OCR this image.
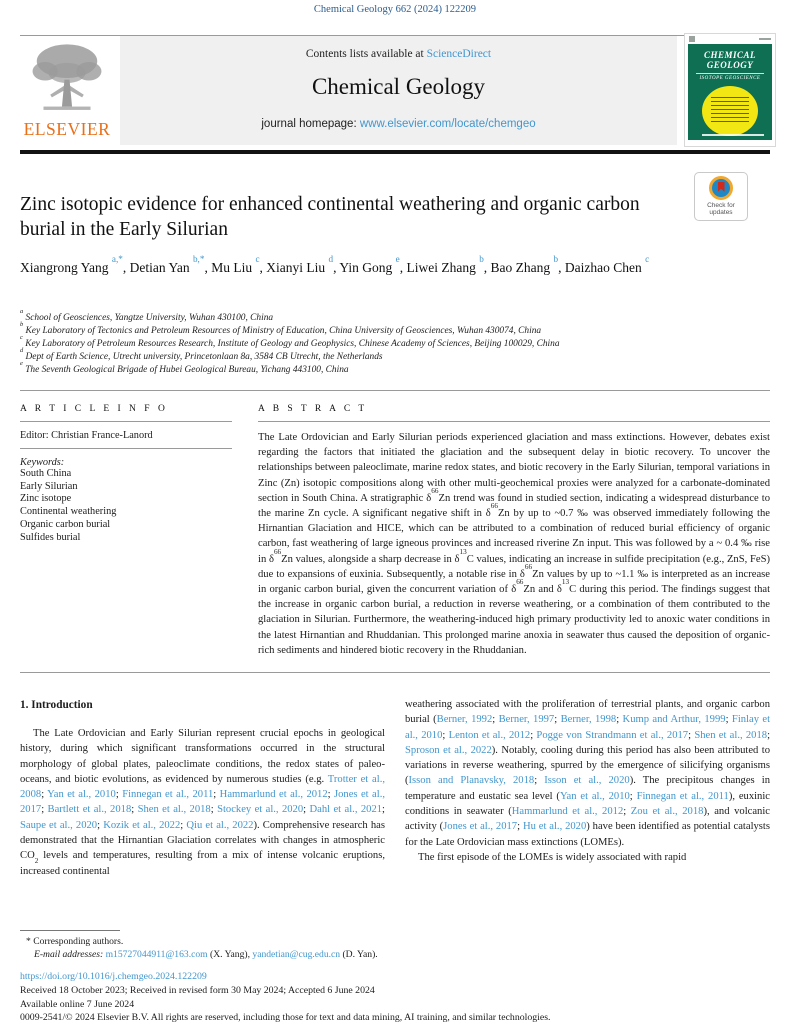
Chemical Geology 662 (2024) 122209
ELSEVIER
Contents lists available at ScienceDirect
Chemical Geology
journal homepage: www.elsevier.com/locate/chemgeo
CHEMICAL
GEOLOGY
ISOTOPE GEOSCIENCE
Zinc isotopic evidence for enhanced continental weathering and organic carbon burial in the Early Silurian
Check for
updates
Xiangrong Yang $^{a,*}$, Detian Yan $^{b,*}$, Mu Liu $^c$, Xianyi Liu $^d$, Yin Gong $^e$, Liwei Zhang $^b$, Bao Zhang $^b$, Daizhao Chen $^c$
$^a$ School of Geosciences, Yangtze University, Wuhan 430100, China
$^b$ Key Laboratory of Tectonics and Petroleum Resources of Ministry of Education, China University of Geosciences, Wuhan 430074, China
$^c$ Key Laboratory of Petroleum Resources Research, Institute of Geology and Geophysics, Chinese Academy of Sciences, Beijing 100029, China
$^d$ Dept of Earth Science, Utrecht university, Princetonlaan 8a, 3584 CB Utrecht, the Netherlands
$^e$ The Seventh Geological Brigade of Hubei Geological Bureau, Yichang 443100, China
A R T I C L E I N F O
Editor: Christian France-Lanord
Keywords:
South China
Early Silurian
Zinc isotope
Continental weathering
Organic carbon burial
Sulfides burial
A B S T R A C T
The Late Ordovician and Early Silurian periods experienced glaciation and mass extinctions. However, debates exist regarding the factors that initiated the glaciation and the subsequent delay in biotic recovery. To uncover the relationships between paleoclimate, marine redox states, and biotic recovery in the Early Silurian, temporal variations in Zinc (Zn) isotopic compositions along with other multi-geochemical proxies were analyzed for a carbonate-dominated section in South China. A stratigraphic $\delta^{66}Zn$ trend was found in studied section, indicating a widespread disturbance to the marine Zn cycle. A significant negative shift in $\delta^{66}Zn$ by up to ~0.7 ‰ was observed immediately following the Hirnantian Glaciation and HICE, which can be attributed to a combination of reduced burial efficiency of organic carbon, fast weathering of large igneous provinces and increased riverine Zn input. This was followed by a ~ 0.4 ‰ rise in $\delta^{66}Zn$ values, alongside a sharp decrease in $\delta^{13}C$ values, indicating an increase in sulfide precipitation (e.g., ZnS, FeS) due to expansions of euxinia. Subsequently, a notable rise in $\delta^{66}Zn$ values by up to ~1.1 ‰ is interpreted as an increase in organic carbon burial, given the concurrent variation of $\delta^{66}Zn$ and $\delta^{13}C$ during this period. The findings suggest that the increase in organic carbon burial, a reduction in reverse weathering, or a combination of them contributed to the glaciation in Silurian. Furthermore, the weathering-induced high primary productivity led to anoxic water conditions in the latest Hirnantian and Rhuddanian. This prolonged marine anoxia in seawater thus caused the deposition of organic-rich sediments and hindered biotic recovery in the Rhuddanian.
1. Introduction
The Late Ordovician and Early Silurian represent crucial epochs in geological history, during which significant transformations occurred in the structural morphology of global plates, paleoclimate conditions, the redox states of paleo-oceans, and biotic evolutions, as evidenced by numerous studies (e.g. Trotter et al., 2008; Yan et al., 2010; Finnegan et al., 2011; Hammarlund et al., 2012; Jones et al., 2017; Bartlett et al., 2018; Shen et al., 2018; Stockey et al., 2020; Dahl et al., 2021; Saupe et al., 2020; Kozik et al., 2022; Qiu et al., 2022). Comprehensive research has demonstrated that the Hirnantian Glaciation correlates with changes in atmospheric $CO_2$ levels and temperatures, resulting from a mix of intense volcanic eruptions, increased continental
weathering associated with the proliferation of terrestrial plants, and organic carbon burial (Berner, 1992; Berner, 1997; Berner, 1998; Kump and Arthur, 1999; Finlay et al., 2010; Lenton et al., 2012; Pogge von Strandmann et al., 2017; Shen et al., 2018; Sproson et al., 2022). Notably, cooling during this period has also been attributed to variations in reverse weathering, spurred by the emergence of silicifying organisms (Isson and Planavsky, 2018; Isson et al., 2020). The precipitous changes in temperature and eustatic sea level (Yan et al., 2010; Finnegan et al., 2011), euxinic conditions in seawater (Hammarlund et al., 2012; Zou et al., 2018), and volcanic activity (Jones et al., 2017; Hu et al., 2020) have been identified as potential catalysts for the Late Ordovician mass extinctions (LOMEs).
The first episode of the LOMEs is widely associated with rapid
* Corresponding authors.
E-mail addresses: m15727044911@163.com (X. Yang), yandetian@cug.edu.cn (D. Yan).
https://doi.org/10.1016/j.chemgeo.2024.122209
Received 18 October 2023; Received in revised form 30 May 2024; Accepted 6 June 2024
Available online 7 June 2024
0009-2541/© 2024 Elsevier B.V. All rights are reserved, including those for text and data mining, AI training, and similar technologies.
